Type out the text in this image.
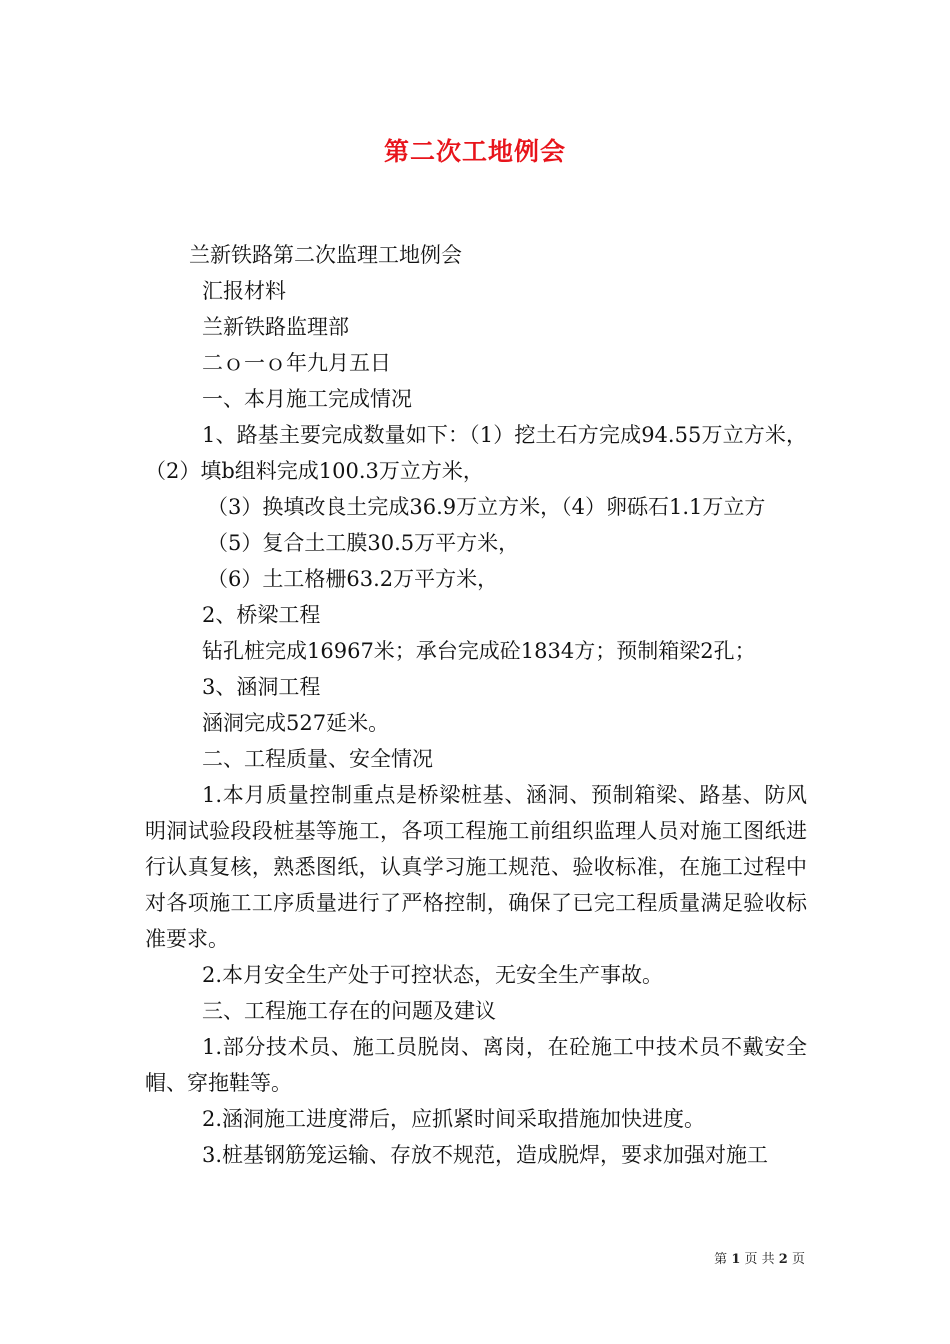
第二次工地例会
兰新铁路第二次监理工地例会
汇报材料
兰新铁路监理部
二ｏ一ｏ年九月五日
一、本月施工完成情况
1、路基主要完成数量如下：（1）挖土石方完成94.55万立方米，（2）填b组料完成100.3万立方米，
（3）换填改良土完成36.9万立方米，（4）卵砾石1.1万立方
（5）复合土工膜30.5万平方米，
（6）土工格栅63.2万平方米，
2、桥梁工程
钻孔桩完成16967米；承台完成砼1834方；预制箱梁2孔；
3、涵洞工程
涵洞完成527延米。
二、工程质量、安全情况
1.本月质量控制重点是桥梁桩基、涵洞、预制箱梁、路基、防风明洞试验段段桩基等施工，各项工程施工前组织监理人员对施工图纸进行认真复核，熟悉图纸，认真学习施工规范、验收标准，在施工过程中对各项施工工序质量进行了严格控制，确保了已完工程质量满足验收标准要求。
2.本月安全生产处于可控状态，无安全生产事故。
三、工程施工存在的问题及建议
1.部分技术员、施工员脱岗、离岗，在砼施工中技术员不戴安全帽、穿拖鞋等。
2.涵洞施工进度滞后，应抓紧时间采取措施加快进度。
3.桩基钢筋笼运输、存放不规范，造成脱焊，要求加强对施工
第 1 页 共 2 页
